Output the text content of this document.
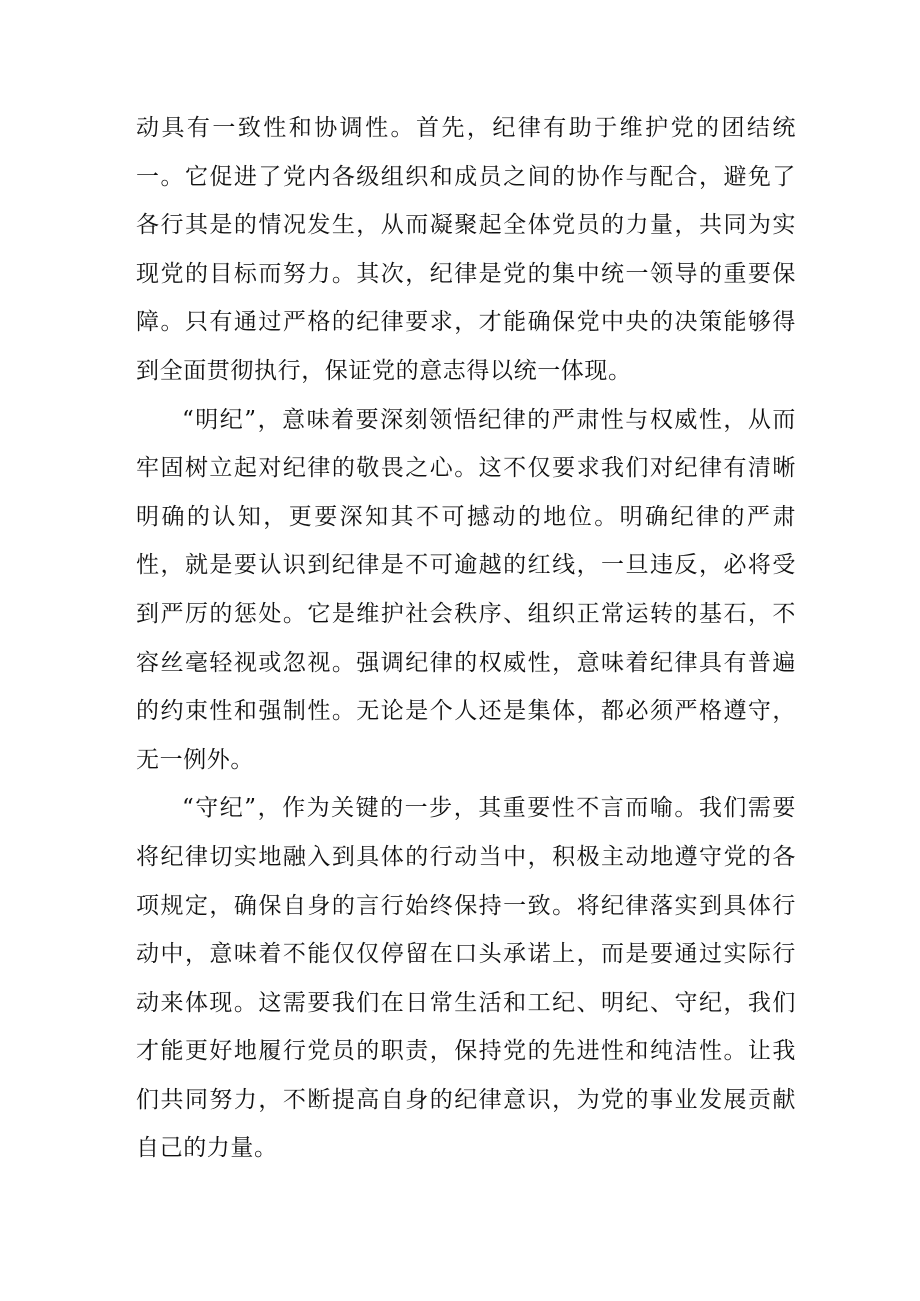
动具有一致性和协调性。首先，纪律有助于维护党的团结统一。它促进了党内各级组织和成员之间的协作与配合，避免了各行其是的情况发生，从而凝聚起全体党员的力量，共同为实现党的目标而努力。其次，纪律是党的集中统一领导的重要保障。只有通过严格的纪律要求，才能确保党中央的决策能够得到全面贯彻执行，保证党的意志得以统一体现。

“明纪”，意味着要深刻领悟纪律的严肃性与权威性，从而牢固树立起对纪律的敬畏之心。这不仅要求我们对纪律有清晰明确的认知，更要深知其不可撼动的地位。明确纪律的严肃性，就是要认识到纪律是不可逾越的红线，一旦违反，必将受到严厉的惩处。它是维护社会秩序、组织正常运转的基石，不容丝毫轻视或忽视。强调纪律的权威性，意味着纪律具有普遍的约束性和强制性。无论是个人还是集体，都必须严格遵守，无一例外。

“守纪”，作为关键的一步，其重要性不言而喻。我们需要将纪律切实地融入到具体的行动当中，积极主动地遵守党的各项规定，确保自身的言行始终保持一致。将纪律落实到具体行动中，意味着不能仅仅停留在口头承诺上，而是要通过实际行动来体现。这需要我们在日常生活和工纪、明纪、守纪，我们才能更好地履行党员的职责，保持党的先进性和纯洁性。让我们共同努力，不断提高自身的纪律意识，为党的事业发展贡献自己的力量。
